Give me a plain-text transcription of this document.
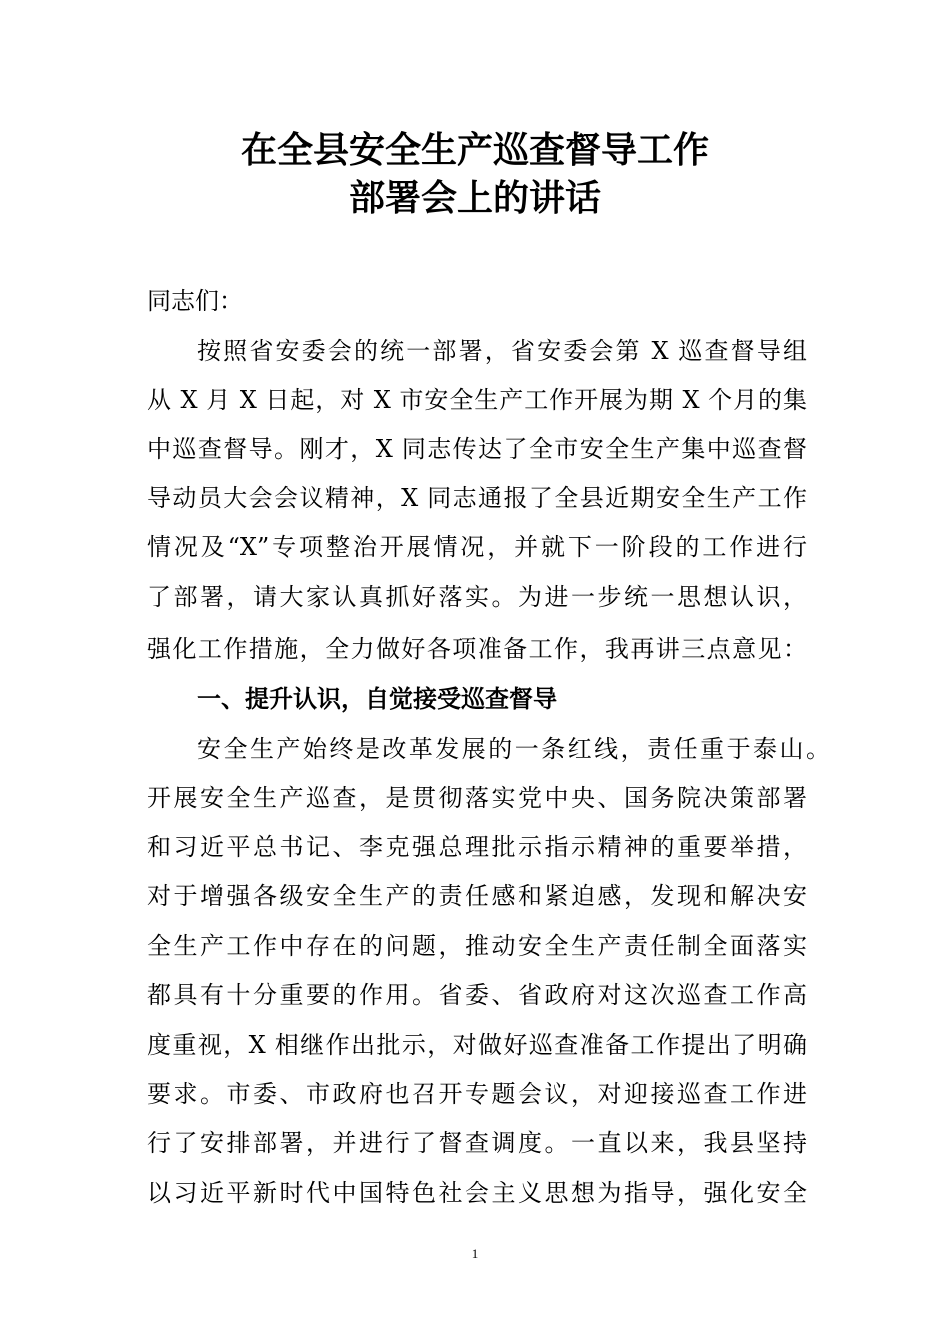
在全县安全生产巡查督导工作
部署会上的讲话
同志们：
按照省安委会的统一部署，省安委会第 X 巡查督导组
从 X 月 X 日起，对 X 市安全生产工作开展为期 X 个月的集
中巡查督导。刚才，X 同志传达了全市安全生产集中巡查督
导动员大会会议精神，X 同志通报了全县近期安全生产工作
情况及“X”专项整治开展情况，并就下一阶段的工作进行
了部署，请大家认真抓好落实。为进一步统一思想认识，
强化工作措施，全力做好各项准备工作，我再讲三点意见：
一、提升认识，自觉接受巡查督导
安全生产始终是改革发展的一条红线，责任重于泰山。
开展安全生产巡查，是贯彻落实党中央、国务院决策部署
和习近平总书记、李克强总理批示指示精神的重要举措，
对于增强各级安全生产的责任感和紧迫感，发现和解决安
全生产工作中存在的问题，推动安全生产责任制全面落实
都具有十分重要的作用。省委、省政府对这次巡查工作高
度重视，X 相继作出批示，对做好巡查准备工作提出了明确
要求。市委、市政府也召开专题会议，对迎接巡查工作进
行了安排部署，并进行了督查调度。一直以来，我县坚持
以习近平新时代中国特色社会主义思想为指导，强化安全
1
